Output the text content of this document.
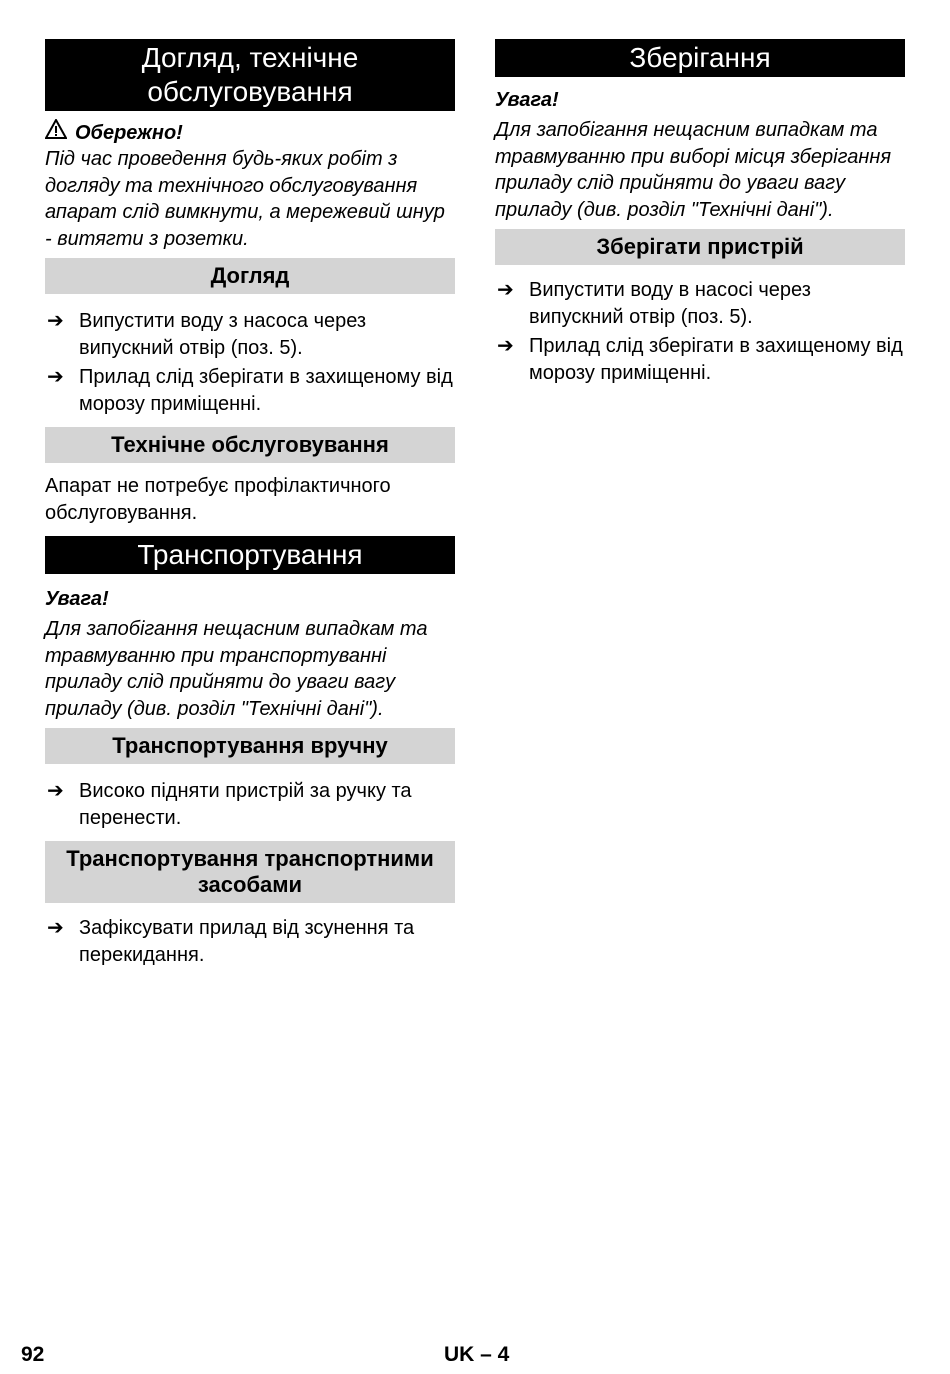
Догляд, технічне обслуговування
Обережно!

Під час проведення будь-яких робіт з догляду та технічного обслуговування апарат слід вимкнути, а мережевий шнур - витягти з розетки.

Догляд
➔ Випустити воду з насоса через випускний отвір (поз. 5).
➔ Прилад слід зберігати в захищеному від морозу приміщенні.
Технічне обслуговування

Апарат не потребує профілактичного обслуговування.

Транспортування
Увага!

Для запобігання нещасним випадкам та травмуванню при транспортуванні приладу слід прийняти до уваги вагу приладу (див. розділ "Технічні дані").

Транспортування вручну
➔ Високо підняти пристрій за ручку та перенести.
Транспортування транспортними засобами
➔ Зафіксувати прилад від зсунення та перекидання.
Зберігання
Увага!

Для запобігання нещасним випадкам та травмуванню при виборі місця зберігання приладу слід прийняти до уваги вагу приладу (див. розділ "Технічні дані").

Зберігати пристрій
➔ Випустити воду в насосі через випускний отвір (поз. 5).
➔ Прилад слід зберігати в захищеному від морозу приміщенні.
92	UK – 4
